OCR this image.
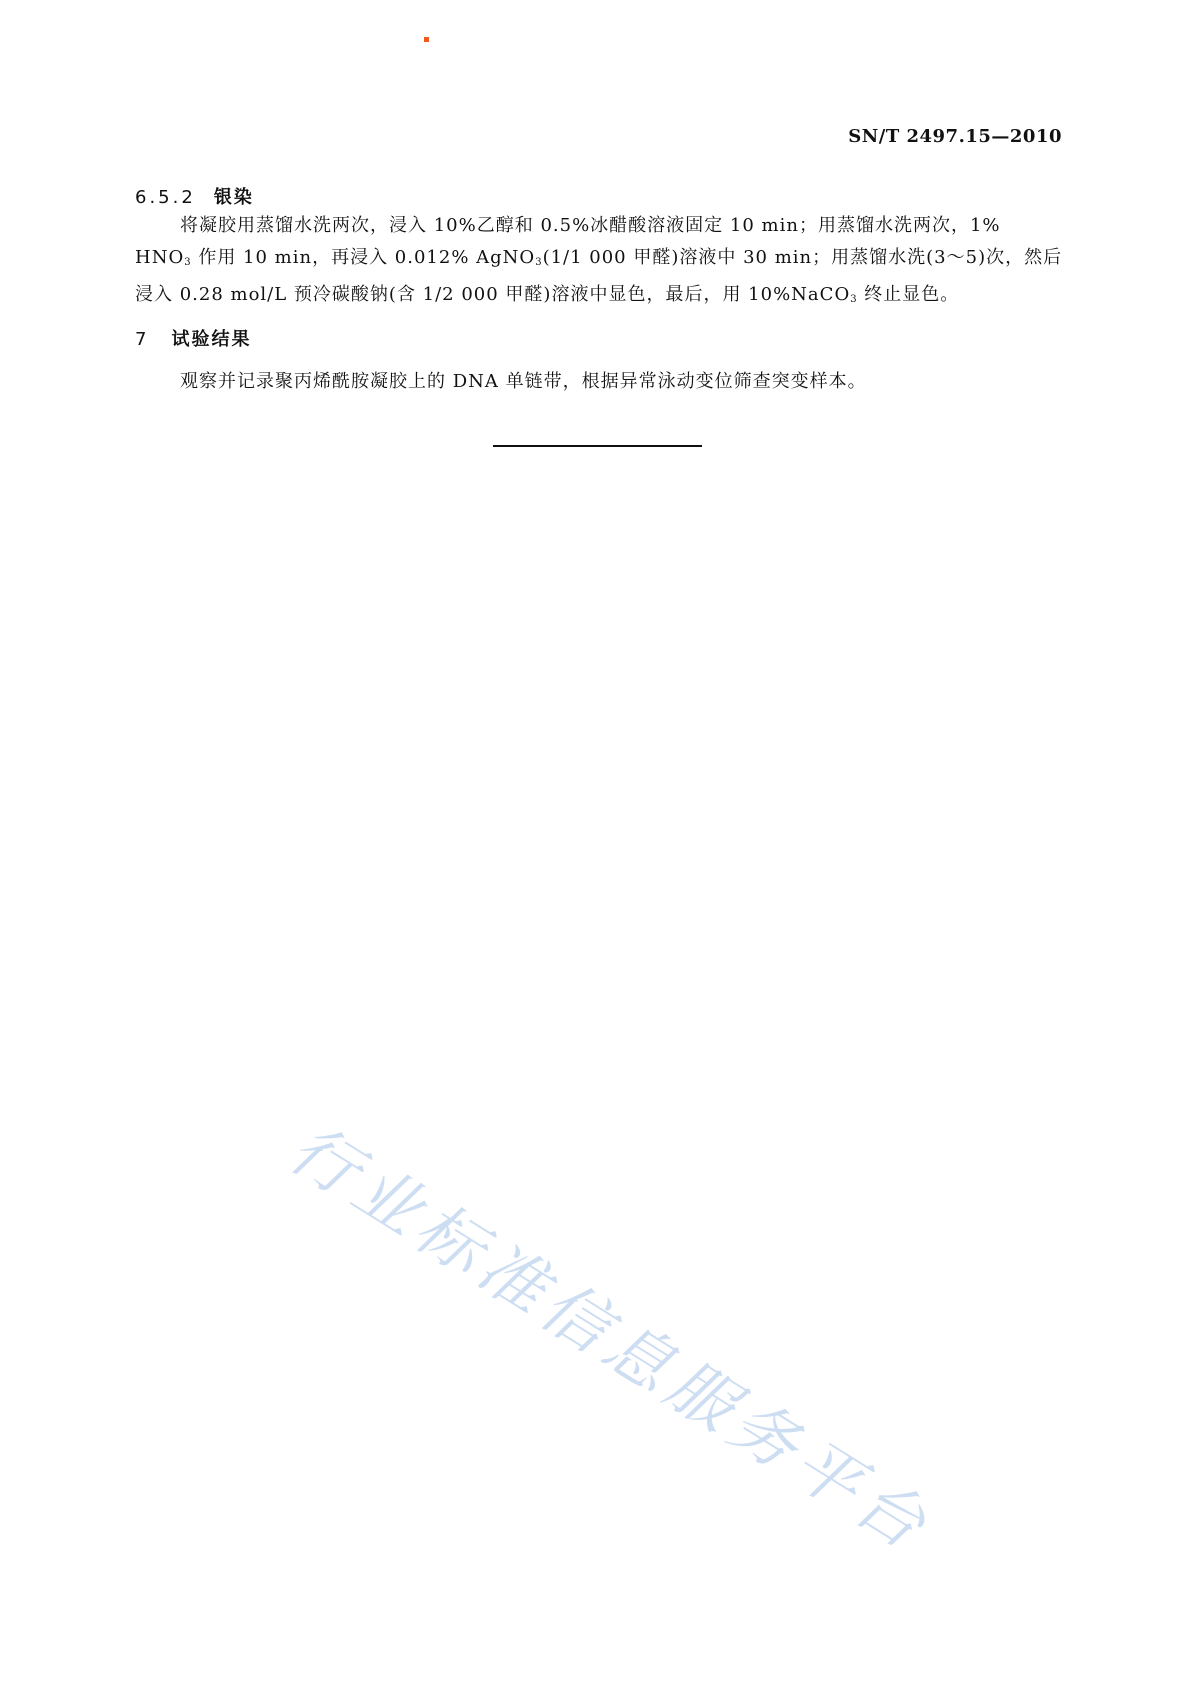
SN/T 2497.15—2010
6.5.2 银染
将凝胶用蒸馏水洗两次，浸入 10%乙醇和 0.5%冰醋酸溶液固定 10 min；用蒸馏水洗两次，1%
$HNO_3$ 作用 10 min，再浸入 0.012% AgNO$_3$(1/1 000 甲醛)溶液中 30 min；用蒸馏水洗(3～5)次，然后
浸入 0.28 mol/L 预冷碳酸钠(含 1/2 000 甲醛)溶液中显色，最后，用 10%NaCO$_3$ 终止显色。
7 试验结果
观察并记录聚丙烯酰胺凝胶上的 DNA 单链带，根据异常泳动变位筛查突变样本。
行业标准信息服务平台
